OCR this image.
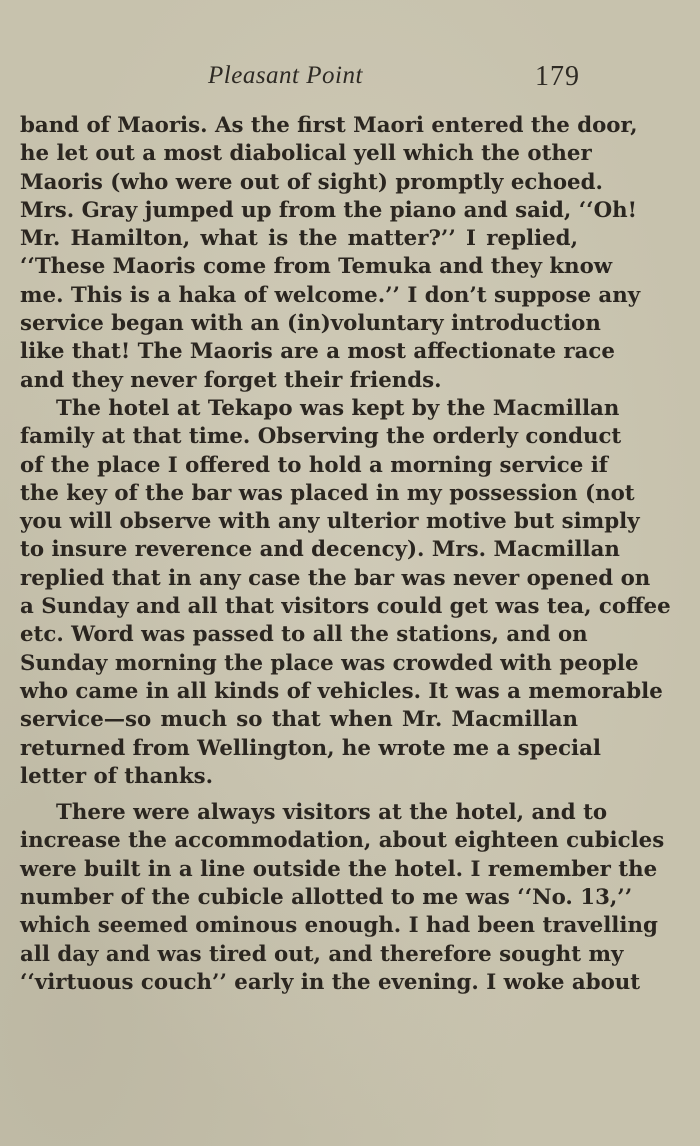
Pleasant Point	179
band of Maoris. As the first Maori entered the door,
he let out a most diabolical yell which the other
Maoris (who were out of sight) promptly echoed.
Mrs. Gray jumped up from the piano and said, ‘‘Oh!
Mr. Hamilton, what is the matter?’’ I replied,
‘‘These Maoris come from Temuka and they know
me. This is a haka of welcome.’’ I don’t suppose any
service began with an (in)voluntary introduction
like that! The Maoris are a most affectionate race
and they never forget their friends.
The hotel at Tekapo was kept by the Macmillan
family at that time. Observing the orderly conduct
of the place I offered to hold a morning service if
the key of the bar was placed in my possession (not
you will observe with any ulterior motive but simply
to insure reverence and decency). Mrs. Macmillan
replied that in any case the bar was never opened on
a Sunday and all that visitors could get was tea, coffee
etc. Word was passed to all the stations, and on
Sunday morning the place was crowded with people
who came in all kinds of vehicles. It was a memorable
service—so much so that when Mr. Macmillan
returned from Wellington, he wrote me a special
letter of thanks.
There were always visitors at the hotel, and to
increase the accommodation, about eighteen cubicles
were built in a line outside the hotel. I remember the
number of the cubicle allotted to me was ‘‘No. 13,’’
which seemed ominous enough. I had been travelling
all day and was tired out, and therefore sought my
‘‘virtuous couch’’ early in the evening. I woke about
